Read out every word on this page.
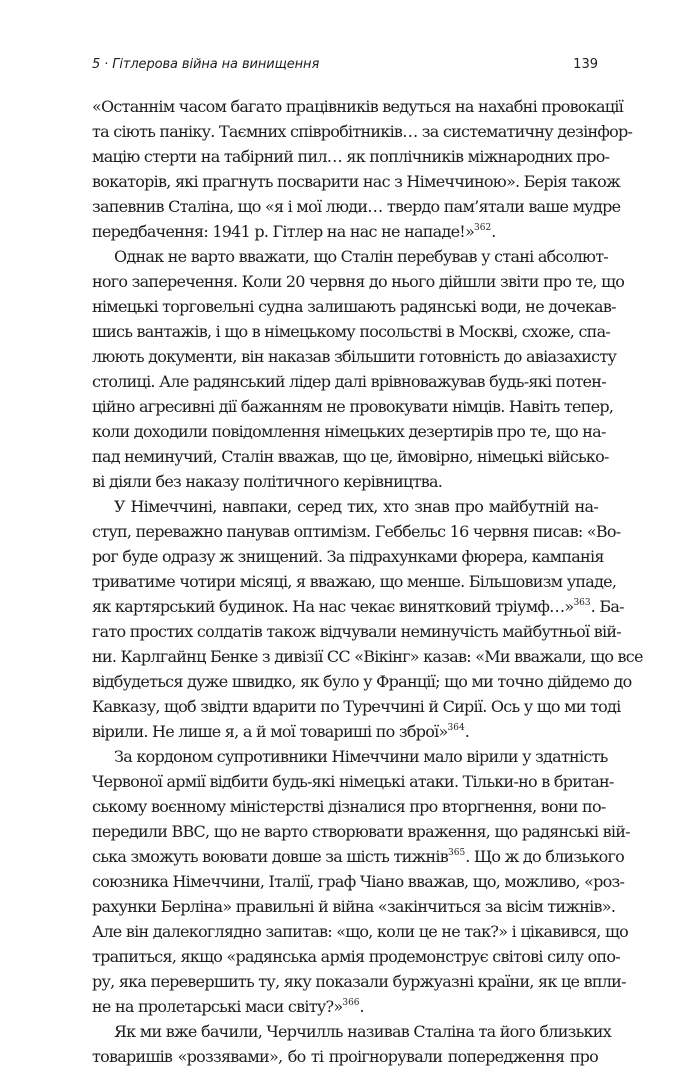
5 · Гітлерова війна на винищення	139
«Останнім часом багато працівників ведуться на нахабні провокації
та сіють паніку. Таємних співробітників… за систематичну дезінфор-
мацію стерти на табірний пил… як поплічників міжнародних про-
вокаторів, які прагнуть посварити нас з Німеччиною». Берія також
запевнив Сталіна, що «я і мої люди… твердо пам’ятали ваше мудре
передбачення: 1941 р. Гітлер на нас не нападе!»$^{362}$.
Однак не варто вважати, що Сталін перебував у стані абсолют-
ного заперечення. Коли 20 червня до нього дійшли звіти про те, що
німецькі торговельні судна залишають радянські води, не дочекав-
шись вантажів, і що в німецькому посольстві в Москві, схоже, спа-
люють документи, він наказав збільшити готовність до авіазахисту
столиці. Але радянський лідер далі врівноважував будь-які потен-
ційно агресивні дії бажанням не провокувати німців. Навіть тепер,
коли доходили повідомлення німецьких дезертирів про те, що на-
пад неминучий, Сталін вважав, що це, ймовірно, німецькі військо-
ві діяли без наказу політичного керівництва.
У Німеччині, навпаки, серед тих, хто знав про майбутній на-
ступ, переважно панував оптимізм. Геббельс 16 червня писав: «Во-
рог буде одразу ж знищений. За підрахунками фюрера, кампанія
триватиме чотири місяці, я вважаю, що менше. Більшовизм упаде,
як картярський будинок. На нас чекає винятковий тріумф…»$^{363}$. Ба-
гато простих солдатів також відчували неминучість майбутньої вій-
ни. Карлгайнц Бенке з дивізії СС «Вікінг» казав: «Ми вважали, що все
відбудеться дуже швидко, як було у Франції; що ми точно дійдемо до
Кавказу, щоб звідти вдарити по Туреччині й Сирії. Ось у що ми тоді
вірили. Не лише я, а й мої товариші по зброї»$^{364}$.
За кордоном супротивники Німеччини мало вірили у здатність
Червоної армії відбити будь-які німецькі атаки. Тільки-но в британ-
ському воєнному міністерстві дізналися про вторгнення, вони по-
передили ВВС, що не варто створювати враження, що радянські вій-
ська зможуть воювати довше за шість тижнів$^{365}$. Що ж до близького
союзника Німеччини, Італії, граф Чіано вважав, що, можливо, «роз-
рахунки Берліна» правильні й війна «закінчиться за вісім тижнів».
Але він далекоглядно запитав: «що, коли це не так?» і цікавився, що
трапиться, якщо «радянська армія продемонструє світові силу опо-
ру, яка перевершить ту, яку показали буржуазні країни, як це впли-
не на пролетарські маси світу?»$^{366}$.
Як ми вже бачили, Черчилль називав Сталіна та його близьких
товаришів «роззявами», бо ті проігнорували попередження про
